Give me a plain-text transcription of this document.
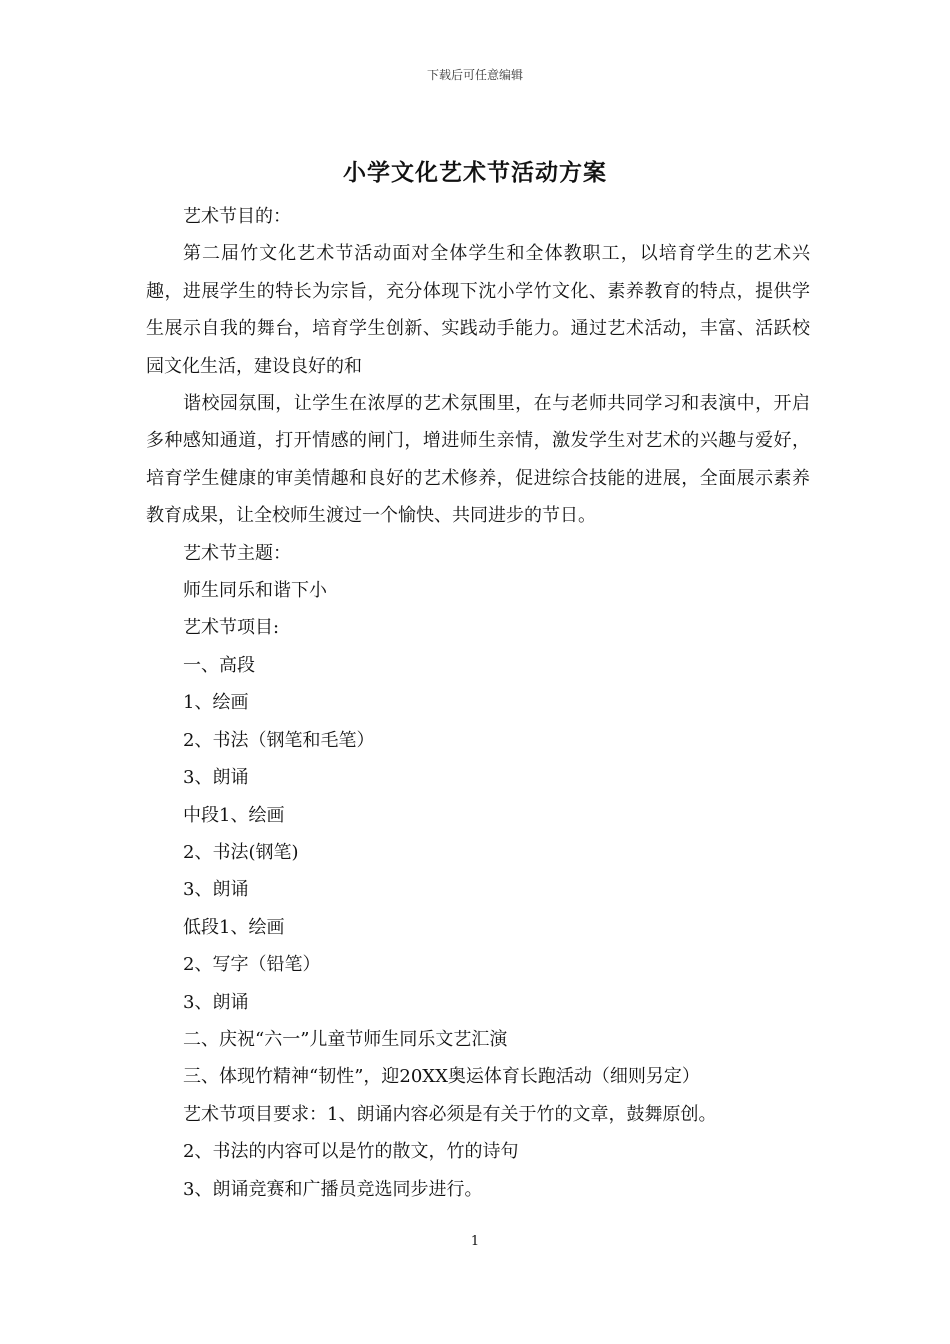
下载后可任意编辑
小学文化艺术节活动方案

艺术节目的：

第二届竹文化艺术节活动面对全体学生和全体教职工，以培育学生的艺术兴趣，进展学生的特长为宗旨，充分体现下沈小学竹文化、素养教育的特点，提供学生展示自我的舞台，培育学生创新、实践动手能力。通过艺术活动，丰富、活跃校园文化生活，建设良好的和

谐校园氛围，让学生在浓厚的艺术氛围里，在与老师共同学习和表演中，开启多种感知通道，打开情感的闸门，增进师生亲情，激发学生对艺术的兴趣与爱好，培育学生健康的审美情趣和良好的艺术修养，促进综合技能的进展，全面展示素养教育成果，让全校师生渡过一个愉快、共同进步的节日。

艺术节主题：

师生同乐和谐下小

艺术节项目:

一、高段

1、绘画

2、书法（钢笔和毛笔）

3、朗诵

中段1、绘画

2、书法(钢笔)

3、朗诵

低段1、绘画

2、写字（铅笔）

3、朗诵

二、庆祝“六一”儿童节师生同乐文艺汇演

三、体现竹精神“韧性”，迎20XX奥运体育长跑活动（细则另定）

艺术节项目要求：1、朗诵内容必须是有关于竹的文章，鼓舞原创。

2、书法的内容可以是竹的散文，竹的诗句

3、朗诵竞赛和广播员竞选同步进行。

1
